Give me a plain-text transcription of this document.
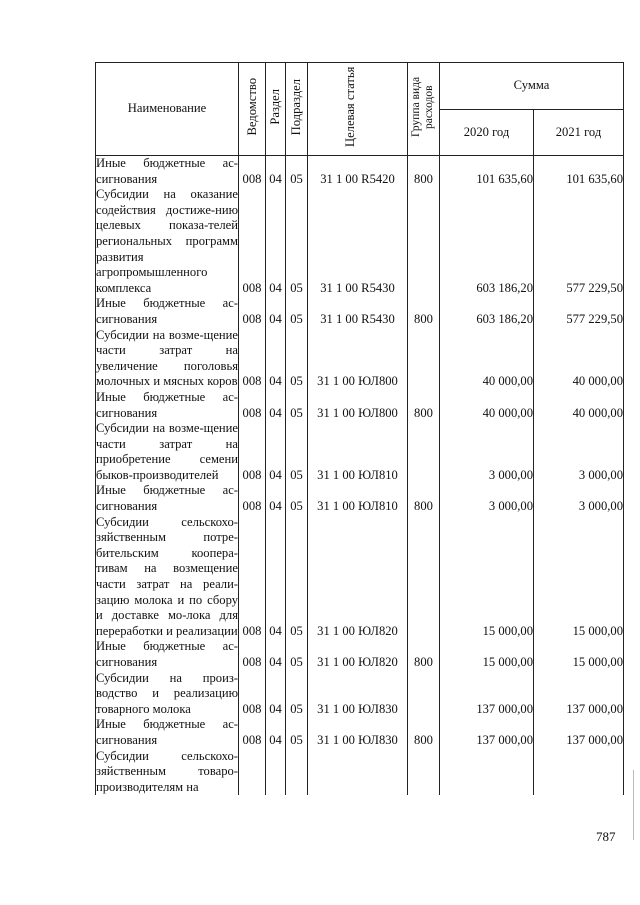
Наименование	Ведомство	Раздел	Подраздел	Целевая статья	Группа вида расходов	Сумма	
						2020 год	2021 год
Иные бюджетные ас-сигнования	008	04	05	31 1 00 R5420	800	101 635,60	101 635,60
Субсидии на оказание содействия достиже-нию целевых показа-телей региональных программ развития агропромышленного комплекса	008	04	05	31 1 00 R5430		603 186,20	577 229,50
Иные бюджетные ас-сигнования	008	04	05	31 1 00 R5430	800	603 186,20	577 229,50
Субсидии на возме-щение части затрат на увеличение поголовья молочных и мясных коров	008	04	05	31 1 00 ЮЛ800		40 000,00	40 000,00
Иные бюджетные ас-сигнования	008	04	05	31 1 00 ЮЛ800	800	40 000,00	40 000,00
Субсидии на возме-щение части затрат на приобретение семени быков-производителей	008	04	05	31 1 00 ЮЛ810		3 000,00	3 000,00
Иные бюджетные ас-сигнования	008	04	05	31 1 00 ЮЛ810	800	3 000,00	3 000,00
Субсидии сельскохо-зяйственным потре-бительским коопера-тивам на возмещение части затрат на реали-зацию молока и по сбору и доставке мо-лока для переработки и реализации	008	04	05	31 1 00 ЮЛ820		15 000,00	15 000,00
Иные бюджетные ас-сигнования	008	04	05	31 1 00 ЮЛ820	800	15 000,00	15 000,00
Субсидии на произ-водство и реализацию товарного молока	008	04	05	31 1 00 ЮЛ830		137 000,00	137 000,00
Иные бюджетные ас-сигнования	008	04	05	31 1 00 ЮЛ830	800	137 000,00	137 000,00
Субсидии сельскохо-зяйственным товаро-производителям на							
787
